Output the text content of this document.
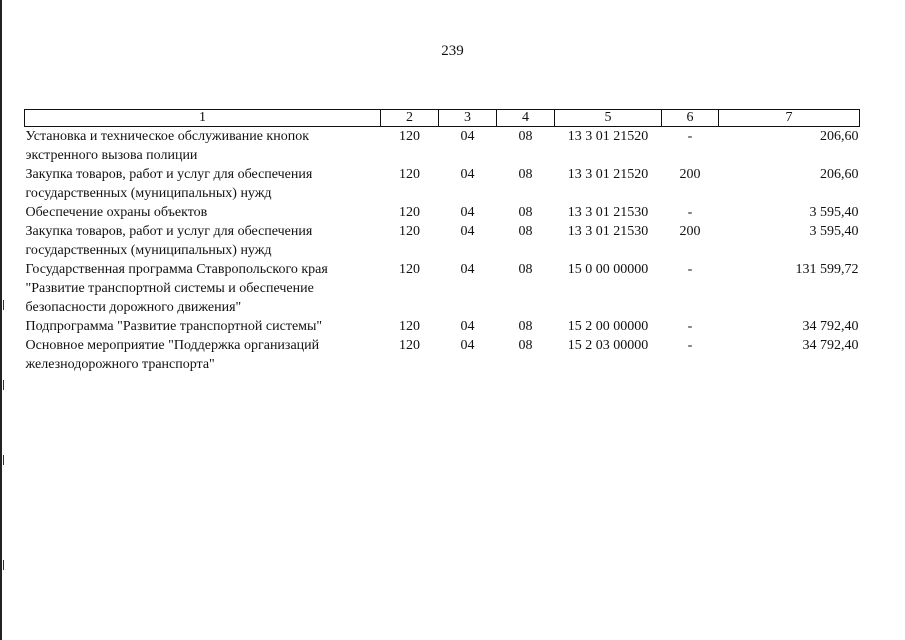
239
1	2	3	4	5	6	7
Установка и техническое обслуживание кнопок экстренного вызова полиции	120	04	08	13 3 01 21520	-	206,60
Закупка товаров, работ и услуг для обеспечения государственных (муниципальных) нужд	120	04	08	13 3 01 21520	200	206,60
Обеспечение охраны объектов	120	04	08	13 3 01 21530	-	3 595,40
Закупка товаров, работ и услуг для обеспечения государственных (муниципальных) нужд	120	04	08	13 3 01 21530	200	3 595,40
Государственная программа Ставропольского края "Развитие транспортной системы и обеспечение безопасности дорожного движения"	120	04	08	15 0 00 00000	-	131 599,72
Подпрограмма "Развитие транспортной системы"	120	04	08	15 2 00 00000	-	34 792,40
Основное мероприятие "Поддержка организаций железнодорожного транспорта"	120	04	08	15 2 03 00000	-	34 792,40
